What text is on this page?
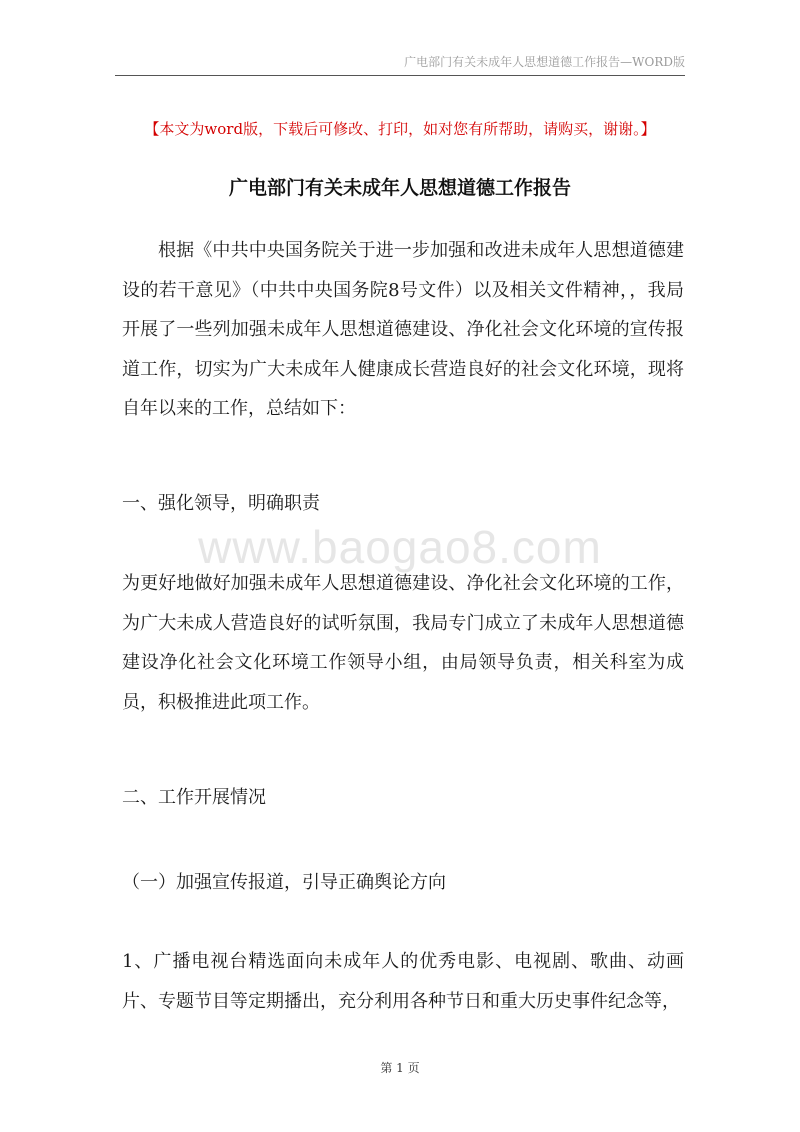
广电部门有关未成年人思想道德工作报告—WORD版
【本文为word版，下载后可修改、打印，如对您有所帮助，请购买，谢谢。】
广电部门有关未成年人思想道德工作报告

根据《中共中央国务院关于进一步加强和改进未成年人思想道德建设的若干意见》（中共中央国务院8号文件）以及相关文件精神，，我局开展了一些列加强未成年人思想道德建设、净化社会文化环境的宣传报道工作，切实为广大未成年人健康成长营造良好的社会文化环境，现将自年以来的工作，总结如下：

一、强化领导，明确职责

www.baogao8.com

为更好地做好加强未成年人思想道德建设、净化社会文化环境的工作，为广大未成人营造良好的试听氛围，我局专门成立了未成年人思想道德建设净化社会文化环境工作领导小组，由局领导负责，相关科室为成员，积极推进此项工作。

二、工作开展情况

（一）加强宣传报道，引导正确舆论方向

1、广播电视台精选面向未成年人的优秀电影、电视剧、歌曲、动画片、专题节目等定期播出，充分利用各种节日和重大历史事件纪念等，

第 1 页
